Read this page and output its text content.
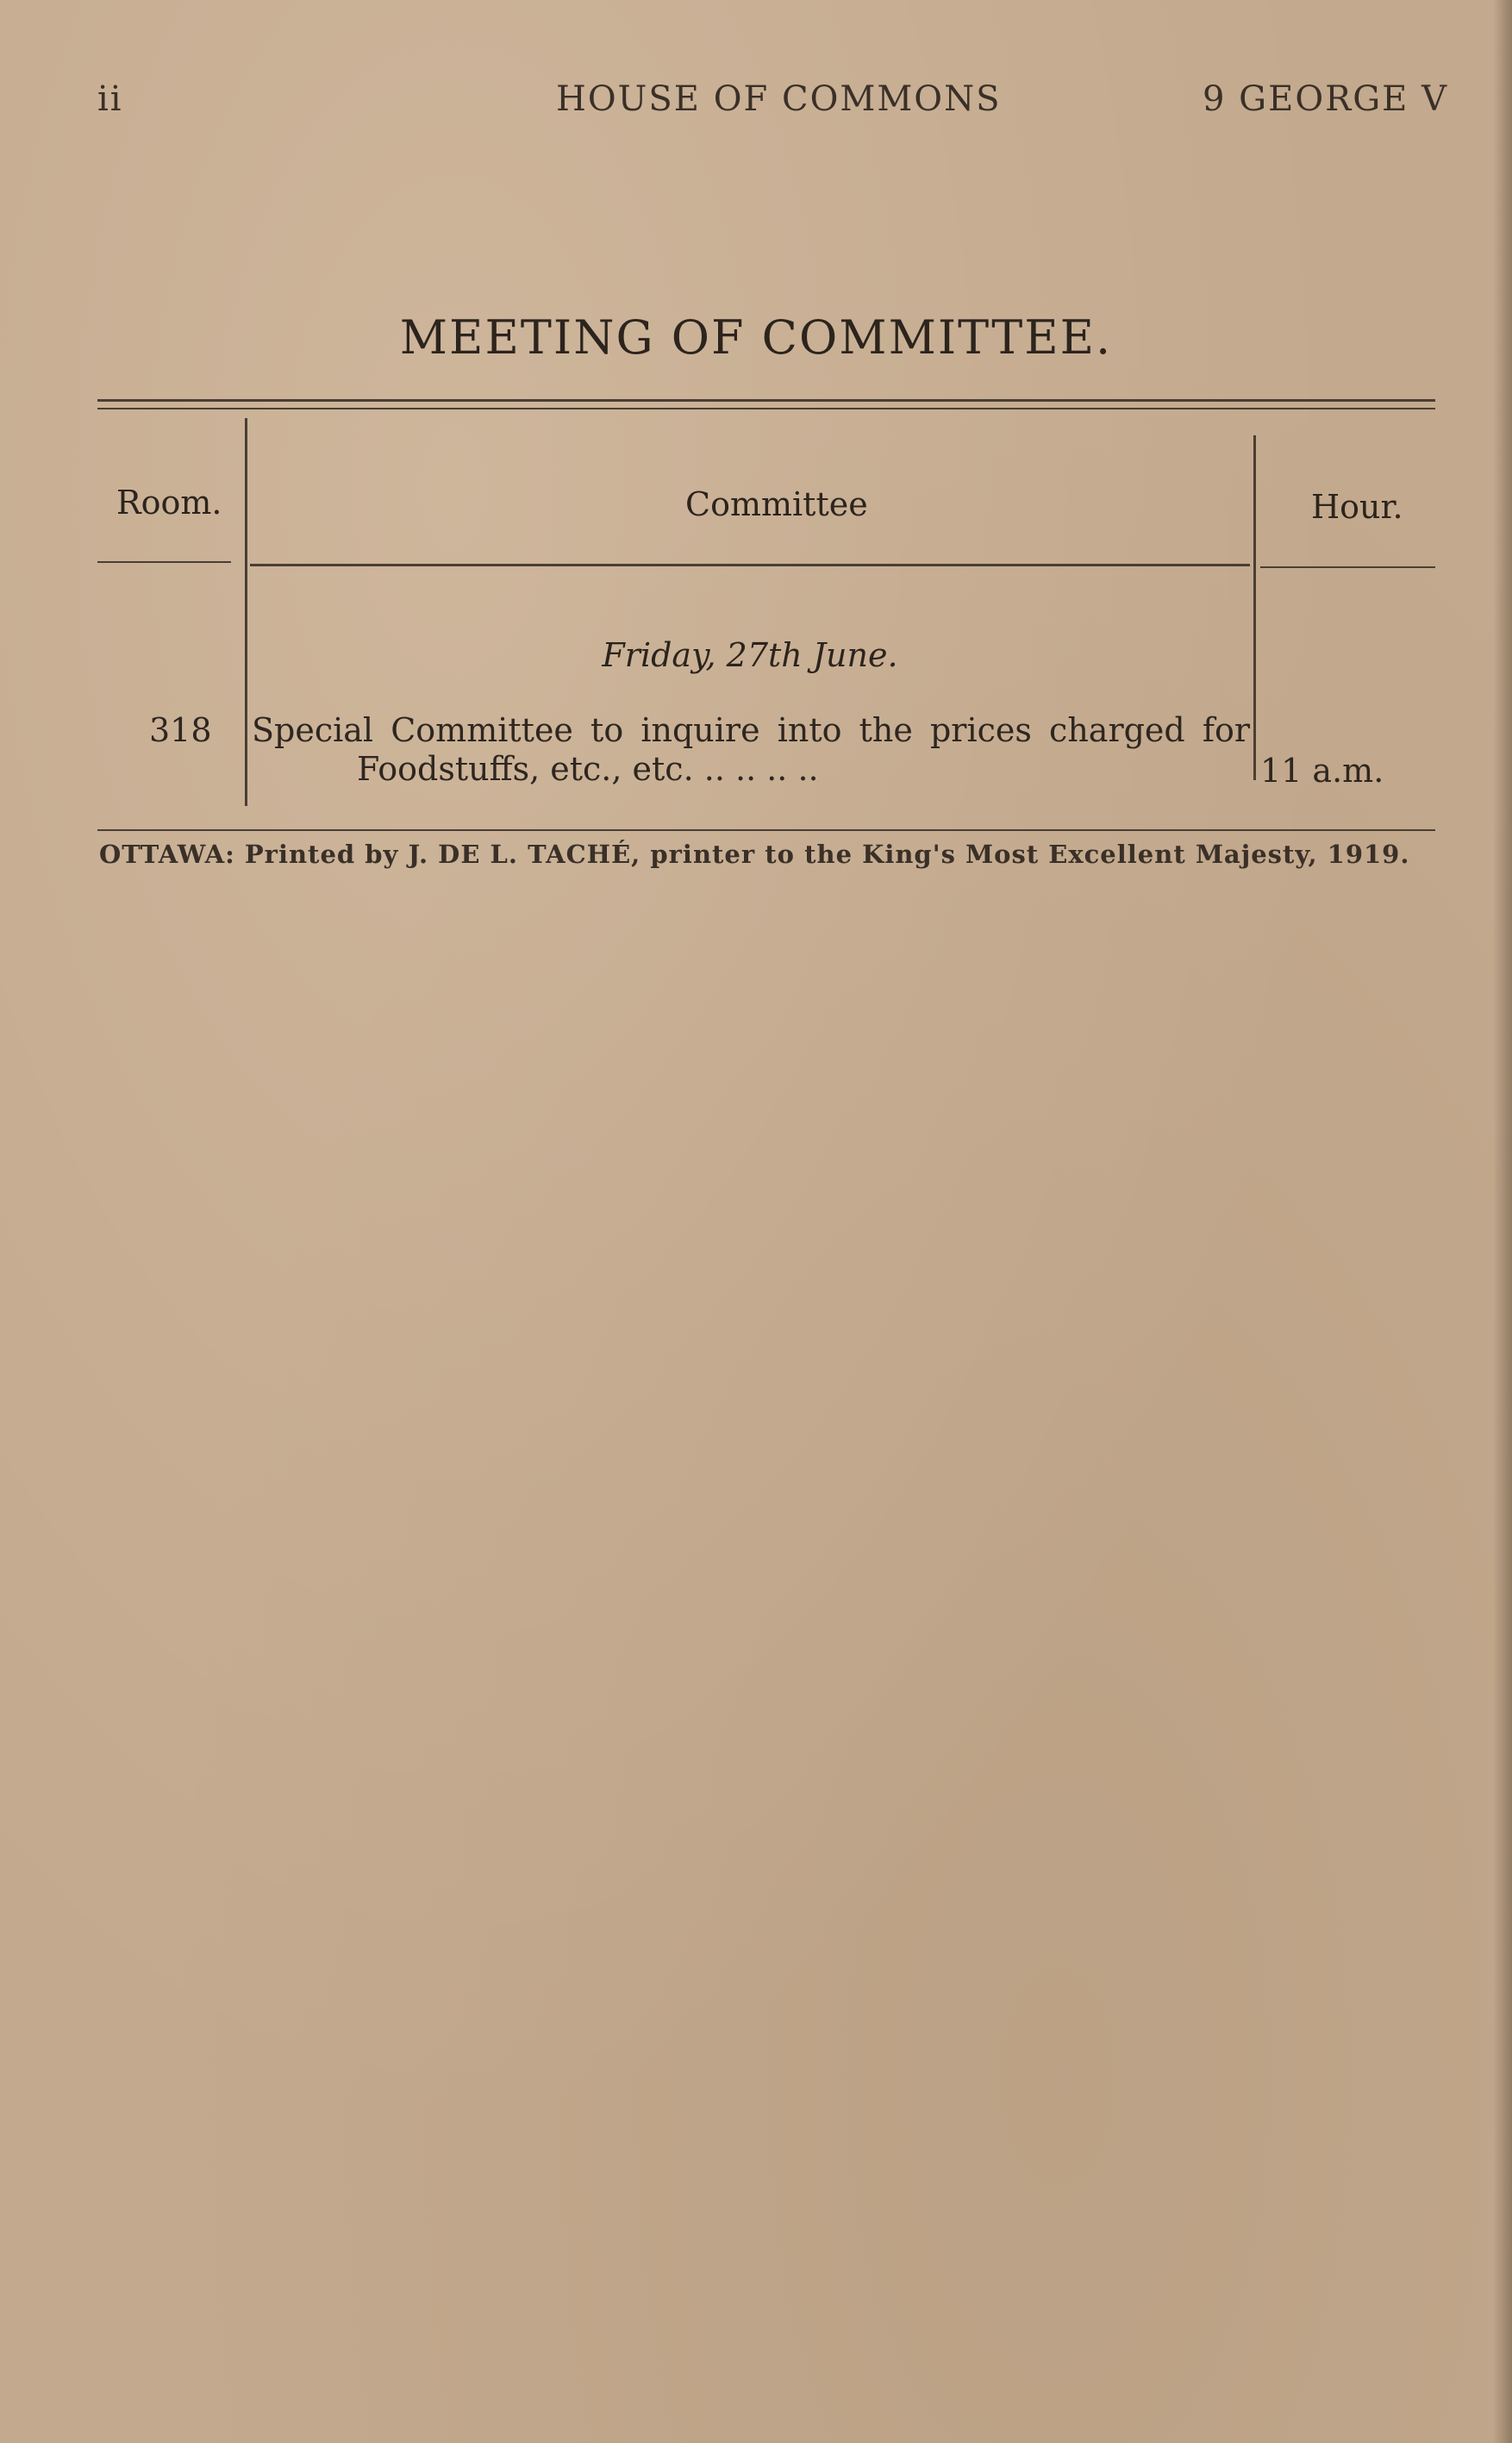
ii	HOUSE OF COMMONS	9 GEORGE V
MEETING OF COMMITTEE.
Room.	Committee	Hour.
Friday, 27th June.
318 Special Committee to inquire into the prices charged for
Foodstuffs, etc., etc. .. .. .. ..	11 a.m.
OTTAWA: Printed by J. DE L. TACHÉ, printer to the King's Most Excellent Majesty, 1919.
